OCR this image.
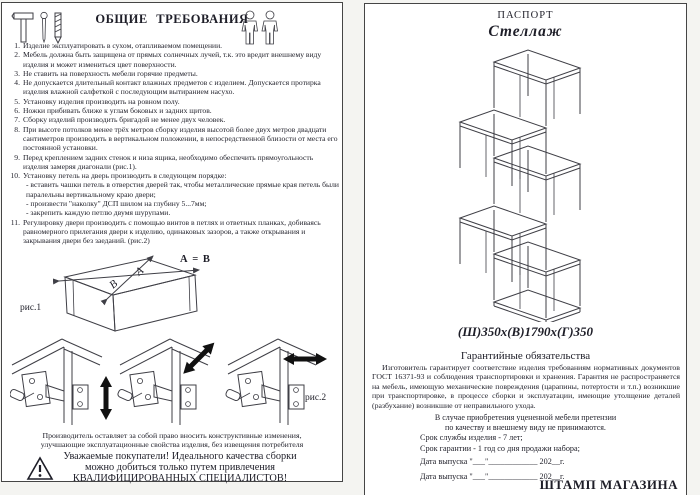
ОБЩИЕ ТРЕБОВАНИЯ
1. Изделие эксплуатировать в сухом, отапливаемом помещении.
2. Мебель должна быть защищена от прямых солнечных лучей, т.к. это вредит внешнему виду изделия и может измениться цвет поверхности.
3. Не ставить на поверхность мебели горячие предметы.
4. Не допускается длительный контакт влажных предметов с изделием. Допускается протирка изделия влажной салфеткой с последующим вытиранием насухо.
5. Установку изделия производить на ровном полу.
6. Ножки прибивать ближе к углам боковых и задних щитов.
7. Сборку изделий производить бригадой не менее двух человек.
8. При высоте потолков менее трёх метров сборку изделия высотой более двух метров двадцати сантиметров производить в вертикальном положении, в непосредственной близости от места его постоянной установки.
9. Перед креплением задних стенок и низа ящика, необходимо обеспечить прямоугольность изделия замеряя диагонали (рис.1).
10. Установку петель на дверь производить в следующем порядке:
- вставить чашки петель в отверстия дверей так, чтобы металлические прямые края петель были паралельны вертикальному краю двери;
- произвести "наколку" ДСП шилом на глубину 5...7мм;
- закрепить каждую петлю двумя шурупами.
11. Регулировку двери производить с помощью винтов в петлях и ответных планках, добиваясь равномерного прилегания двери к изделию, одинаковых зазоров, а также открывания и закрывания двери без заеданий. (рис.2)
А = В
А
В
рис.1
рис.2
Производитель оставляет за собой право вносить конструктивные изменения,
улучшающие эксплуатационные свойства изделия, без извещения потребителя
Уважаемые покупатели! Идеального качества сборки
можно добиться только путем привлечения
КВАЛИФИЦИРОВАННЫХ СПЕЦИАЛИСТОВ!
ПАСПОРТ
Стеллаж
(Ш)350х(В)1790х(Г)350
Гарантийные обязательства
Изготовитель гарантирует соответствие изделия требованиям нормативных документов ГОСТ 16371-93 и соблюдения транспортировки и хранения. Гарантия не распространяется на мебель, имеющую механические повреждения (царапины, потертости и т.п.) возникшие при транспортировке, в процессе сборки и эксплуатации, имеющие утолщение деталей (разбухание) возникшие от неправильного ухода.
В случае приобретения уцененной мебели претензии
по качеству и внешнему виду не принимаются.
Срок службы изделия - 7 лет;
Срок гарантии - 1 год со дня продажи набора;
Дата выпуска "___"____________ 202__г.
Дата выпуска "___"____________ 202__г.
ШТАМП МАГАЗИНА
